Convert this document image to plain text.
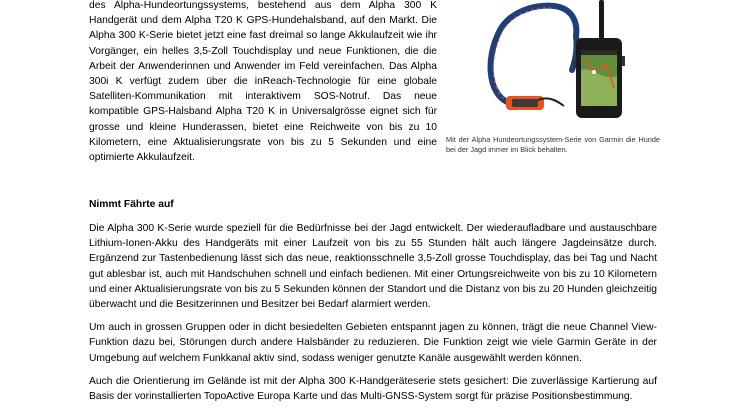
des Alpha-Hundeortungssystems, bestehend aus dem Alpha 300 K Handgerät und dem Alpha T20 K GPS-Hundehalsband, auf den Markt. Die Alpha 300 K-Serie bietet jetzt eine fast dreimal so lange Akkulaufzeit wie ihr Vorgänger, ein helles 3,5-Zoll Touchdisplay und neue Funktionen, die die Arbeit der Anwenderinnen und Anwender im Feld vereinfachen. Das Alpha 300i K verfügt zudem über die inReach-Technologie für eine globale Satelliten-Kommunikation mit interaktivem SOS-Notruf. Das neue kompatible GPS-Halsband Alpha T20 K in Universalgrösse eignet sich für grosse und kleine Hunderassen, bietet eine Reichweite von bis zu 10 Kilometern, eine Aktualisierungsrate von bis zu 5 Sekunden und eine optimierte Akkulaufzeit.

Mit der Alpha Hundeortungssystem-Serie von Garmin die Hunde bei der Jagd immer im Blick behalten.

Nimmt Fährte auf

Die Alpha 300 K-Serie wurde speziell für die Bedürfnisse bei der Jagd entwickelt. Der wiederaufladbare und austauschbare Lithium-Ionen-Akku des Handgeräts mit einer Laufzeit von bis zu 55 Stunden hält auch längere Jagdeinsätze durch. Ergänzend zur Tastenbedienung lässt sich das neue, reaktionsschnelle 3,5-Zoll grosse Touchdisplay, das bei Tag und Nacht gut ablesbar ist, auch mit Handschuhen schnell und einfach bedienen. Mit einer Ortungsreichweite von bis zu 10 Kilometern und einer Aktualisierungsrate von bis zu 5 Sekunden können der Standort und die Distanz von bis zu 20 Hunden gleichzeitig überwacht und die Besitzerinnen und Besitzer bei Bedarf alarmiert werden.

Um auch in grossen Gruppen oder in dicht besiedelten Gebieten entspannt jagen zu können, trägt die neue Channel View-Funktion dazu bei, Störungen durch andere Halsbänder zu reduzieren. Die Funktion zeigt wie viele Garmin Geräte in der Umgebung auf welchem Funkkanal aktiv sind, sodass weniger genutzte Kanäle ausgewählt werden können.

Auch die Orientierung im Gelände ist mit der Alpha 300 K-Handgeräteserie stets gesichert: Die zuverlässige Kartierung auf Basis der vorinstallierten TopoActive Europa Karte und das Multi-GNSS-System sorgt für präzise Positionsbestimmung.
